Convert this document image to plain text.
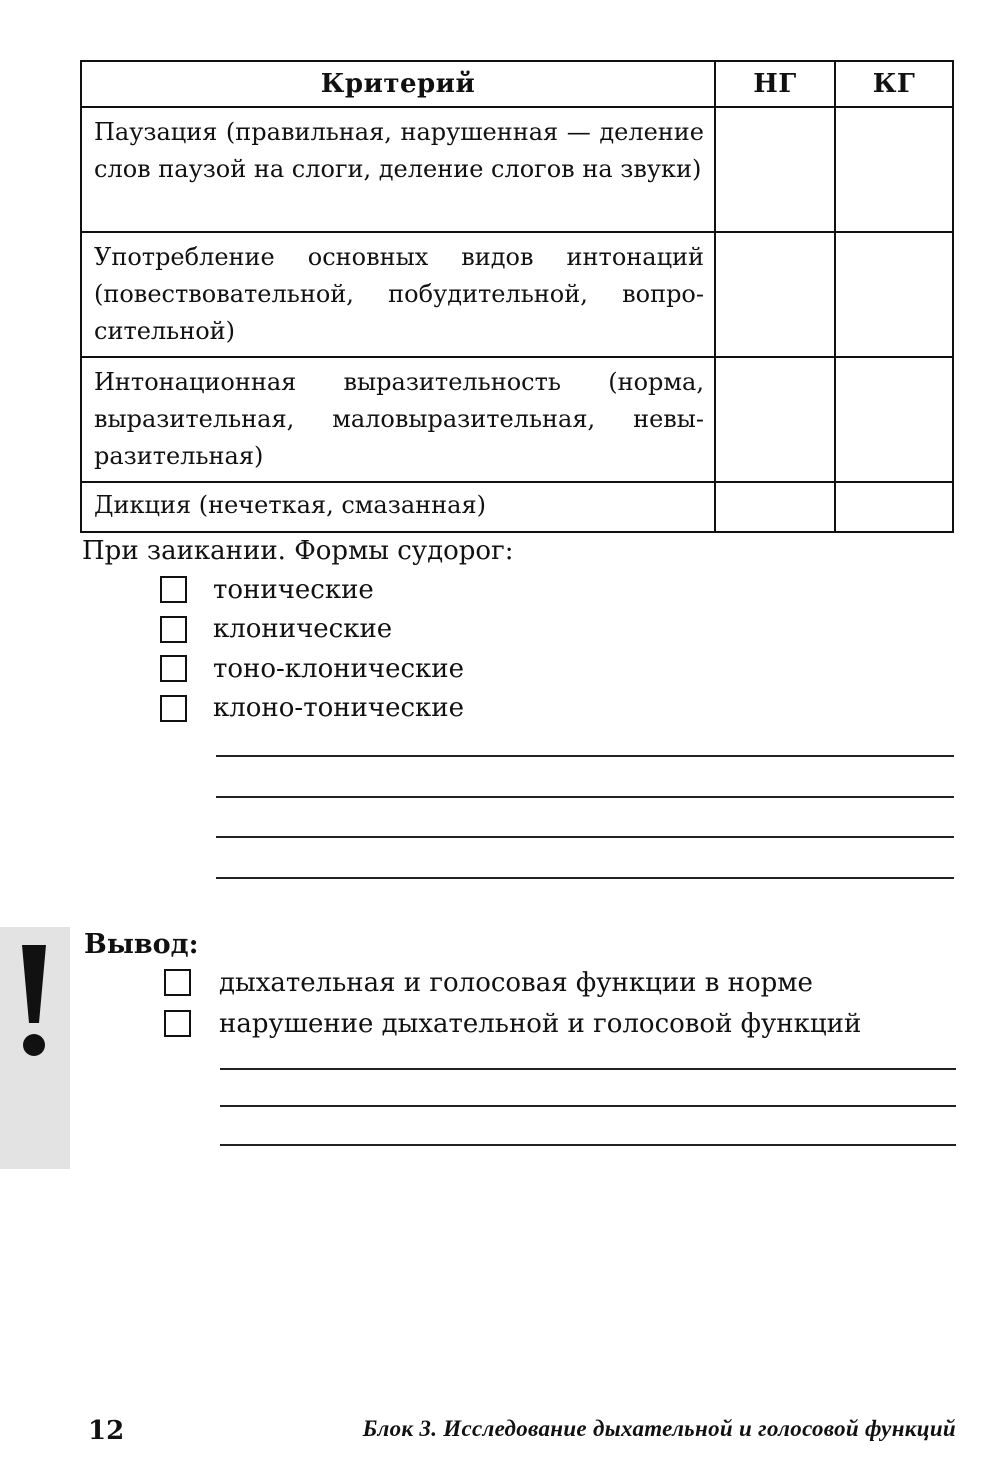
Критерий	НГ	КГ
Паузация (правильная, нарушенная — деление слов паузой на слоги, деление слогов на звуки)		
Употребление основных видов интонаций (повествовательной, побудительной, вопросительной)		
Интонационная выразительность (норма, выразительная, маловыразительная, невыразительная)		
Дикция (нечеткая, смазанная)		

При заикании. Формы судорог:

тонические
клонические
тоно-клонические
клоно-тонические

Вывод:

дыхательная и голосовая функции в норме
нарушение дыхательной и голосовой функций
12	Блок 3. Исследование дыхательной и голосовой функций
